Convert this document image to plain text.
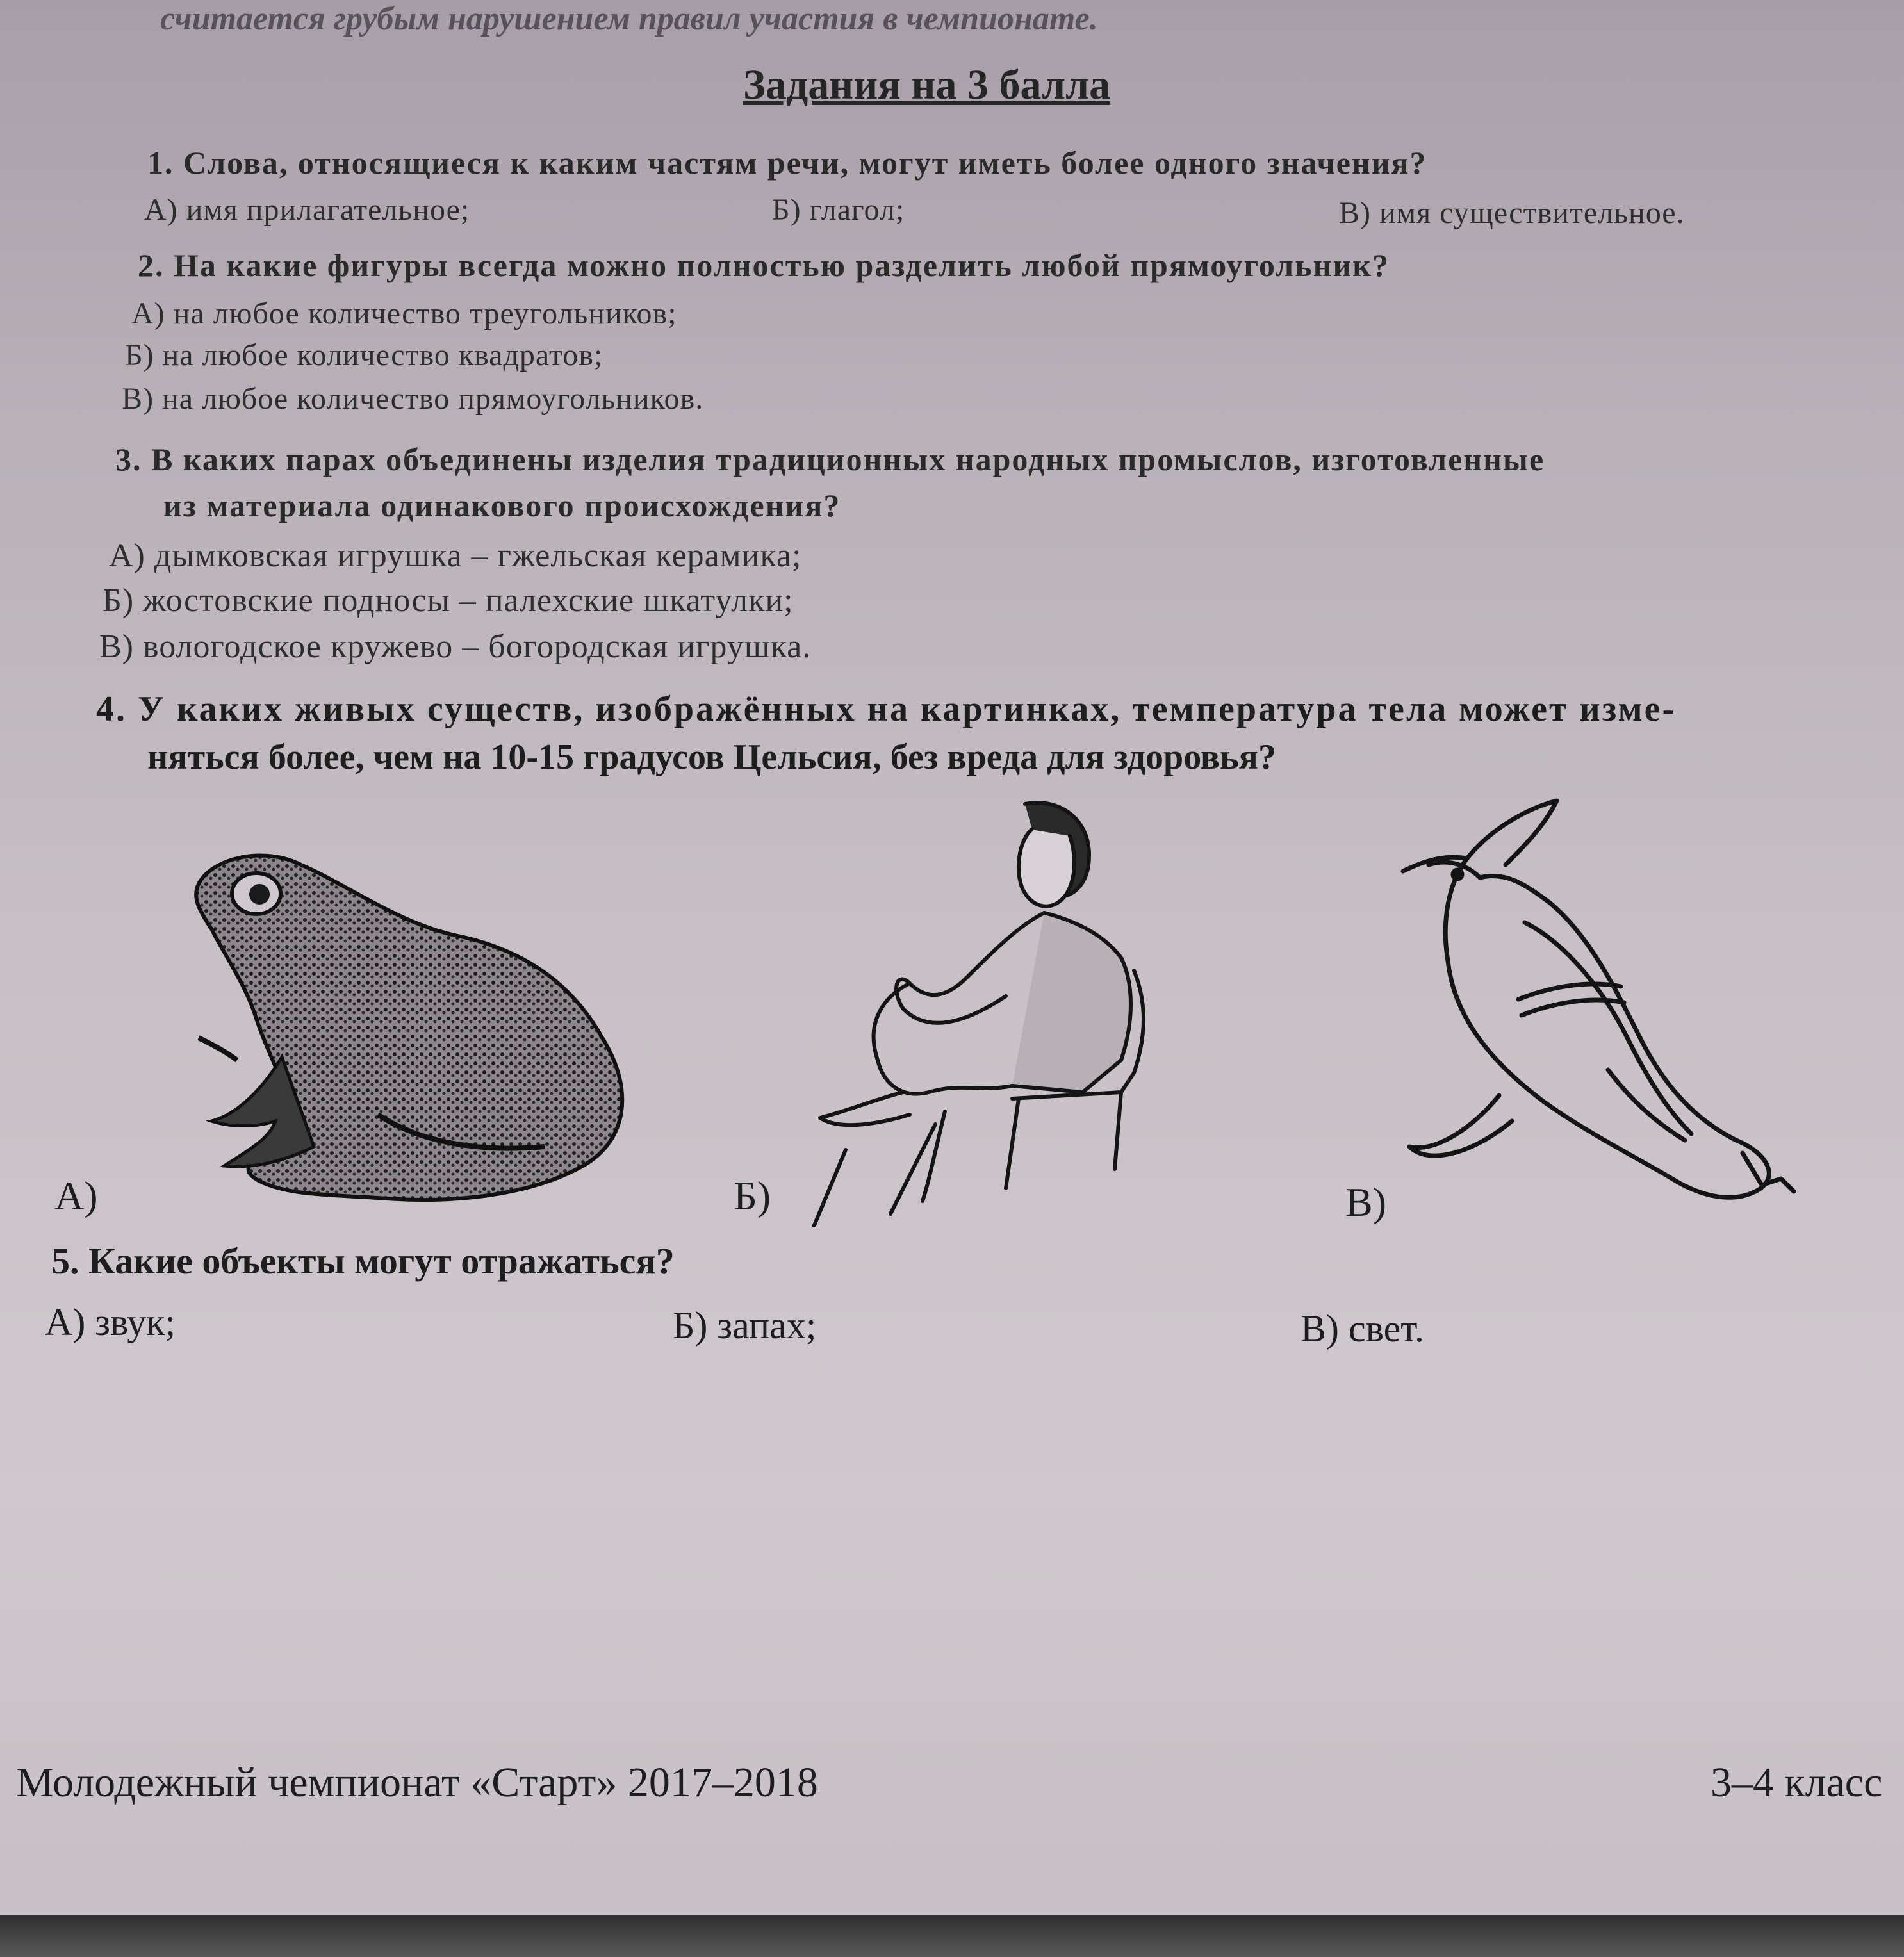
считается грубым нарушением правил участия в чемпионате.
Задания на 3 балла
1. Слова, относящиеся к каким частям речи, могут иметь более одного значения?
А) имя прилагательное;	Б) глагол;	В) имя существительное.
2. На какие фигуры всегда можно полностью разделить любой прямоугольник?
А) на любое количество треугольников;
Б) на любое количество квадратов;
В) на любое количество прямоугольников.
3. В каких парах объединены изделия традиционных народных промыслов, изготовленные
из материала одинакового происхождения?
А) дымковская игрушка – гжельская керамика;
Б) жостовские подносы – палехские шкатулки;
В) вологодское кружево – богородская игрушка.
4. У каких живых существ, изображённых на картинках, температура тела может изме-
няться более, чем на 10-15 градусов Цельсия, без вреда для здоровья?
А)	Б)	В)
5. Какие объекты могут отражаться?
А) звук;	Б) запах;	В) свет.
Молодежный чемпионат «Старт» 2017–2018	3–4 класс
